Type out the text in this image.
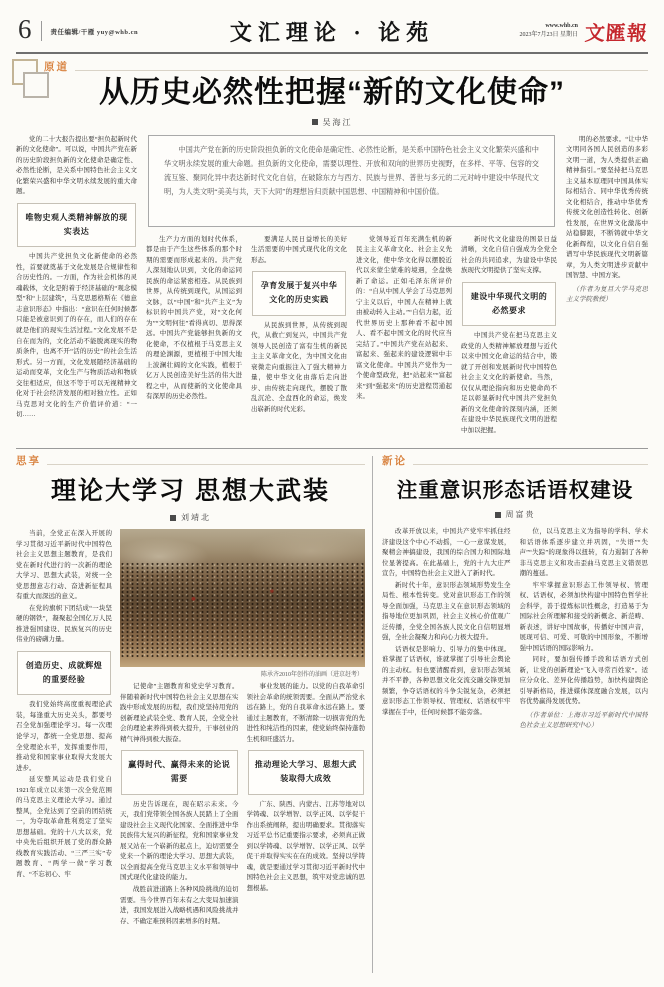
6	责任编辑/干雁 yuy@whb.cn	文汇理论 · 论苑	www.whb.cn
2023年7月23日 星期日 文匯報
原道
从历史必然性把握“新的文化使命”
吴海江

党的二十大报告提出要“担负起新时代新的文化使命”。可以说，中国共产党在新的历史阶段担负新的文化使命是确定性、必然性论断，是关系中国特色社会主义文化繁荣兴盛和中华文明永续发展的重大命题。

唯物史观人类精神解放的现实表达

中国共产党担负文化新使命的必然性，首要就奠基于文化发展是合规律性和合历史性的。一方面，作为社会机体的灵魂载体，文化是附着于经济基础的“观念模型”和“上层建筑”，马克思恩格斯在《德意志意识形态》中指出：“意识在任何时候都只能是被意识到了的存在，而人们的存在就是他们的现实生活过程。”文化发展不是自在而为的，文化活动不能脱离现实的物质条件，也离不开“活的历史”的社会生活形式。另一方面，文化发展随经济基础的运动而变革，文化生产与物质活动和物质交往相适应，但这不等于可以无视精神文化对于社会经济发展的相对独立性。正如马克思对文化的生产价值评价道：“一切……

中国共产党在新的历史阶段担负新的文化使命是确定性、必然性论断，是关系中国特色社会主义文化繁荣兴盛和中华文明永续发展的重大命题。担负新的文化使命，需要以理性、开放和双向的世界历史视野，在多样、平等、包容的交流互鉴、聚同化异中表达新时代文化自信，在破除东方与西方、民族与世界、普世与多元的二元对峙中建设中华现代文明，为人类文明“美美与共，天下大同”的理想旨归贡献中国思想、中国精神和中国价值。

生产力方面的划时代体系，都是由于产生这些体系的那个时期的需要而形成起来的。共产党人深刻地认识到，文化的命运同民族的命运紧密相连。从民族到世界，从传统到现代，从国运到文脉，以“中国”和“共产主义”为标识的中国共产党，对“文化何为”“文明何往”看得真切、思得深远。中国共产党能够担负新的文化使命，不仅植根于马克思主义的理论渊源，更植根于中国大地上波澜壮阔的文化实践，植根于亿万人民创造美好生活的伟大进程之中，从而使新的文化使命具有深厚的历史必然性。

要满足人民日益增长的美好生活需要的中国式现代化的文化形态。

孕育发展于复兴中华文化的历史实践

从民族到世界，从传统到现代，从救亡到复兴，中国共产党领导人民创造了富有生机的新民主主义革命文化，为中国文化由衰微走向重振注入了强大精神力量，使中华文化由落后走向进步、由传统走向现代，摆脱了散乱沉沦、全盘西化的命运，焕发出崭新的时代光彩。

党领导近百年充满生机的新民主主义革命文化、社会主义先进文化，使中华文化得以摆脱近代以来蒙尘蒙难的境遇，全盘焕新了命运。正如毛泽东所评价的：“自从中国人学会了马克思列宁主义以后，中国人在精神上就由被动转入主动。”“自信力起，近代世界历史上那种看不起中国人、看不起中国文化的时代应当完结了。”中国共产党在站起来、富起来、强起来的建设逻辑中丰富文化使命。中国共产党作为一个使命型政党，把“站起来”“富起来”到“强起来”的历史进程贯通起来。

新时代文化建设的图景日益清晰，文化自信自强成为全党全社会的共同追求，为建设中华民族现代文明提供了坚实支撑。

建设中华现代文明的必然要求

中国共产党在把马克思主义政党的人类精神解放理想与近代以来中国文化命运的结合中，锻就了开创和发展新时代中国特色社会主义文化的新使命。当然，仅仅从理论指向和历史使命尚不足以彰显新时代中国共产党担负新的文化使命的深刻内涵，还须在建设中华民族现代文明的进程中加以把握。

明的必然要求。“让中华文明同各国人民创造的多彩文明一道，为人类提供正确精神指引。”要坚持把马克思主义基本原理同中国具体实际相结合、同中华优秀传统文化相结合，推动中华优秀传统文化创造性转化、创新性发展，在世界文化激荡中站稳脚跟，不断铸就中华文化新辉煌，以文化自信自强谱写中华民族现代文明新篇章，为人类文明进步贡献中国智慧、中国方案。

（作者为复旦大学马克思主义学院教授）

思享
理论大学习 思想大武装
刘靖北

当前，全党正在深入开展的学习贯彻习近平新时代中国特色社会主义思想主题教育，是我们党在新时代进行的一次新的理论大学习、思想大武装，对统一全党思想意志行动、奋进新征程具有重大而深远的意义。

在党的旗帜下团结成“一块坚硬的钢铁”，凝聚起全国亿万人民推进强国建设、民族复兴的历史伟业的磅礴力量。

创造历史、成就辉煌的重要经验

我们党始终高度重视理论武装，每逢重大历史关头，都要号召全党加强理论学习。每一次理论学习，都统一全党思想、提高全党理论水平，发挥重要作用，推动党和国家事业取得大发展大进步。

延安整风运动是我们党自1921年成立以来第一次全党范围的马克思主义理论大学习。通过整风，全党达到了空前的团结统一，为夺取革命胜利奠定了坚实思想基础。党的十八大以来，党中央先后组织开展了党的群众路线教育实践活动、“三严三实”专题教育、“两学一做”学习教育、“不忘初心、牢

陈承齐2010年创作的油画（进京赶考）

记使命”主题教育和党史学习教育。伴随着新时代中国特色社会主义思想在实践中形成发展的历程，我们党坚持用党的创新理论武装全党、教育人民，全党全社会的理论素养得到极大提升，干事创业的精气神得到极大振奋。

赢得时代、赢得未来的论说需要

历史告诉现在，现在昭示未来。今天，我们党带领全国各族人民踏上了全面建设社会主义现代化国家、全面推进中华民族伟大复兴的新征程，党和国家事业发展又站在一个崭新的起点上，迫切需要全党来一个新的理论大学习、思想大武装，以全面提高全党马克思主义水平和领导中国式现代化建设的能力。

战胜前进道路上各种风险挑战的迫切需要。当今世界百年未有之大变局加速演进，我国发展进入战略机遇和风险挑战并存、不确定难预料因素增多的时期。

事业发展的能力。以党的自我革命引领社会革命的统领需要。全面从严治党永远在路上，党的自我革命永远在路上。要通过主题教育，不断清除一切损害党的先进性和纯洁性的因素，使党始终保持蓬勃生机和旺盛活力。

推动理论大学习、思想大武装取得大成效

广东、陕西、内蒙古、江苏等地对以学铸魂、以学增智、以学正风、以学促干作出系统阐释，提出明确要求。贯彻落实习近平总书记重要指示要求，必须真正做到以学铸魂、以学增智、以学正风、以学促干并取得实实在在的成效。坚持以学铸魂，就是要通过学习贯彻习近平新时代中国特色社会主义思想，筑牢对党忠诚的思想根基。

新论
注重意识形态话语权建设
周富贵

改革开放以来，中国共产党牢牢抓住经济建设这个中心不动摇，一心一意谋发展，聚精会神搞建设，我国的综合国力和国际地位显著提高。在此基础上，党的十九大庄严宣告，中国特色社会主义进入了新时代。

新时代十年，意识形态领域形势发生全局性、根本性转变。党对意识形态工作的领导全面加强，马克思主义在意识形态领域的指导地位更加巩固，社会主义核心价值观广泛传播，全党全国各族人民文化自信明显增强，全社会凝聚力和向心力极大提升。

话语权是影响力、引导力的集中体现。谁掌握了话语权，谁就掌握了引导社会舆论的主动权。但也要清醒看到，意识形态领域并不平静，各种思想文化交流交融交锋更加频繁，争夺话语权的斗争尖锐复杂，必须把意识形态工作领导权、管理权、话语权牢牢掌握在手中，任何时候都不能旁落。

位，以马克思主义为指导的学科、学术和话语体系逐步建立并巩固，“失语”“失声”“失踪”的现象得以扭转，有力遏制了各种非马克思主义和攻击歪曲马克思主义错误思潮的蔓延。

牢牢掌握意识形态工作领导权、管理权、话语权，必须加快构建中国特色哲学社会科学，善于提炼标识性概念，打造易于为国际社会所理解和接受的新概念、新范畴、新表述，讲好中国故事，传播好中国声音，展现可信、可爱、可敬的中国形象，不断增强中国话语的国际影响力。

同时，要加强传播手段和话语方式创新，让党的创新理论“飞入寻常百姓家”。适应分众化、差异化传播趋势，加快构建舆论引导新格局，推进媒体深度融合发展，以内容优势赢得发展优势。

（作者单位：上海市习近平新时代中国特色社会主义思想研究中心）
